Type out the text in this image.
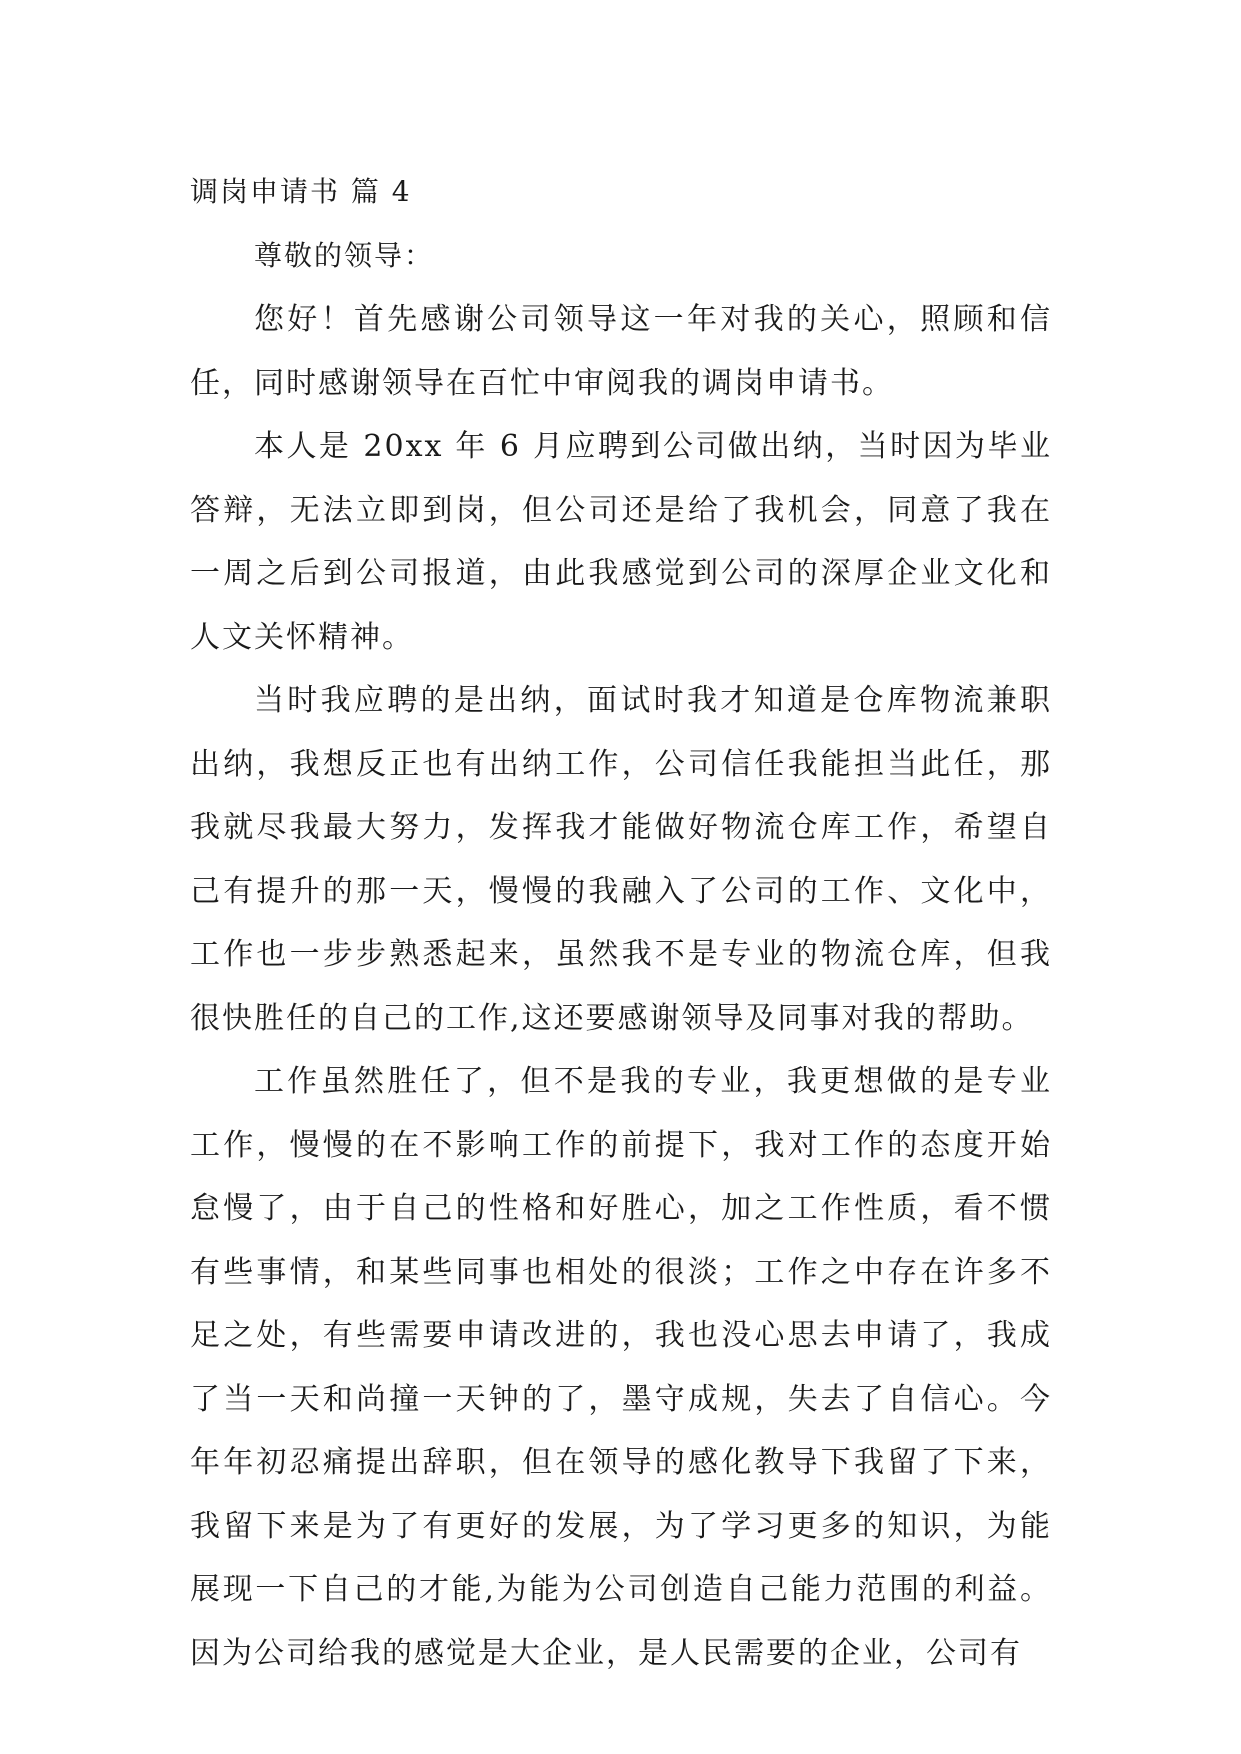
调岗申请书 篇 4
尊敬的领导：

您好！首先感谢公司领导这一年对我的关心，照顾和信任，同时感谢领导在百忙中审阅我的调岗申请书。

本人是 20xx 年 6 月应聘到公司做出纳，当时因为毕业答辩，无法立即到岗，但公司还是给了我机会，同意了我在一周之后到公司报道，由此我感觉到公司的深厚企业文化和人文关怀精神。

当时我应聘的是出纳，面试时我才知道是仓库物流兼职出纳，我想反正也有出纳工作，公司信任我能担当此任，那我就尽我最大努力，发挥我才能做好物流仓库工作，希望自己有提升的那一天，慢慢的我融入了公司的工作、文化中，工作也一步步熟悉起来，虽然我不是专业的物流仓库，但我很快胜任的自己的工作,这还要感谢领导及同事对我的帮助。

工作虽然胜任了，但不是我的专业，我更想做的是专业工作，慢慢的在不影响工作的前提下，我对工作的态度开始怠慢了，由于自己的性格和好胜心，加之工作性质，看不惯有些事情，和某些同事也相处的很淡；工作之中存在许多不足之处，有些需要申请改进的，我也没心思去申请了，我成了当一天和尚撞一天钟的了，墨守成规，失去了自信心。今年年初忍痛提出辞职，但在领导的感化教导下我留了下来，我留下来是为了有更好的发展，为了学习更多的知识，为能展现一下自己的才能,为能为公司创造自己能力范围的利益。因为公司给我的感觉是大企业，是人民需要的企业，公司有
